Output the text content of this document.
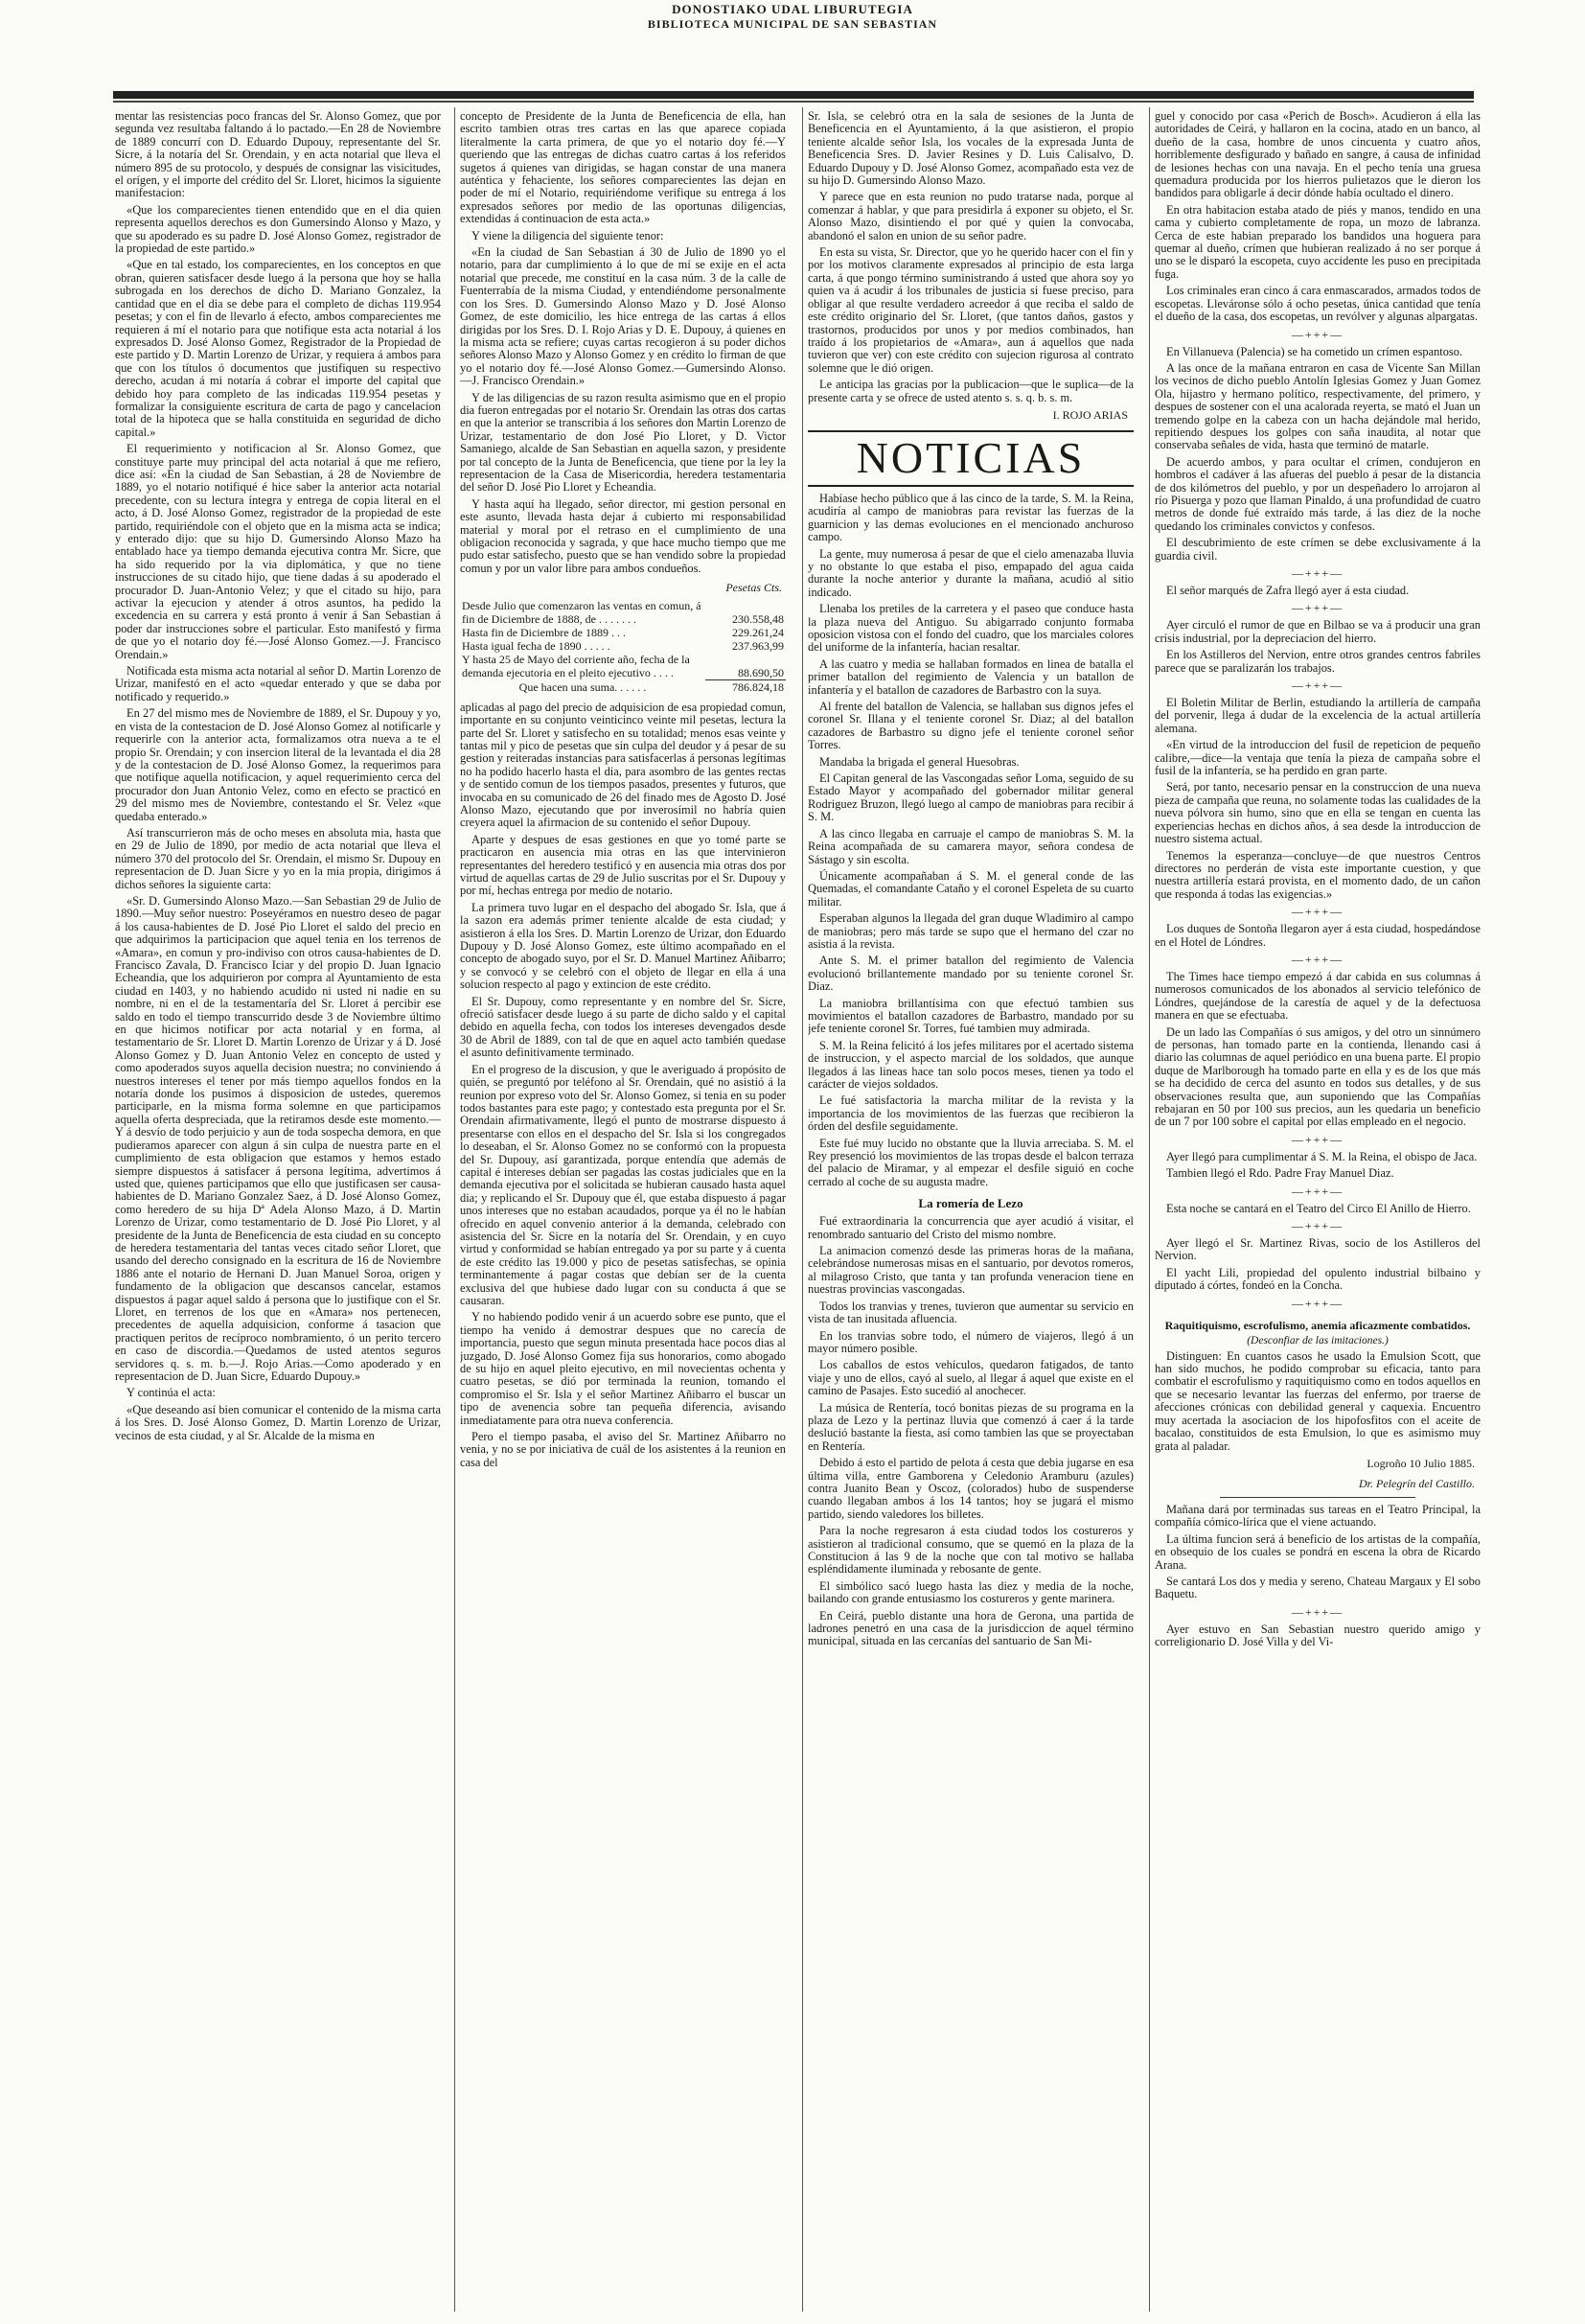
DONOSTIAKO UDAL LIBURUTEGIA
BIBLIOTECA MUNICIPAL DE SAN SEBASTIAN

mentar las resistencias poco francas del Sr. Alonso Gomez, que por segunda vez resultaba faltando á lo pactado.—En 28 de Noviembre de 1889 concurrí con D. Eduardo Dupouy, representante del Sr. Sicre, á la notaría del Sr. Orendain, y en acta notarial que lleva el número 895 de su protocolo, y después de consignar las visicitudes, el orígen, y el importe del crédito del Sr. Lloret, hicimos la siguiente manifestacion:

«Que los comparecientes tienen entendido que en el dia quien representa aquellos derechos es don Gumersindo Alonso y Mazo, y que su apoderado es su padre D. José Alonso Gomez, registrador de la propiedad de este partido.»

«Que en tal estado, los comparecientes, en los conceptos en que obran, quieren satisfacer desde luego á la persona que hoy se halla subrogada en los derechos de dicho D. Mariano Gonzalez, la cantidad que en el dia se debe para el completo de dichas 119.954 pesetas; y con el fin de llevarlo á efecto, ambos comparecientes me requieren á mí el notario para que notifique esta acta notarial á los expresados D. José Alonso Gomez, Registrador de la Propiedad de este partido y D. Martin Lorenzo de Urizar, y requiera á ambos para que con los títulos ó documentos que justifiquen su respectivo derecho, acudan á mi notaría á cobrar el importe del capital que debido hoy para completo de las indicadas 119.954 pesetas y formalizar la consiguiente escritura de carta de pago y cancelacion total de la hipoteca que se halla constituida en seguridad de dicho capital.»

El requerimiento y notificacion al Sr. Alonso Gomez, que constituye parte muy principal del acta notarial á que me refiero, dice así: «En la ciudad de San Sebastian, á 28 de Noviembre de 1889, yo el notario notifiqué é hice saber la anterior acta notarial precedente, con su lectura íntegra y entrega de copia literal en el acto, á D. José Alonso Gomez, registrador de la propiedad de este partido, requiriéndole con el objeto que en la misma acta se indica; y enterado dijo: que su hijo D. Gumersindo Alonso Mazo ha entablado hace ya tiempo demanda ejecutiva contra Mr. Sicre, que ha sido requerido por la via diplomática, y que no tiene instrucciones de su citado hijo, que tiene dadas á su apoderado el procurador D. Juan-Antonio Velez; y que el citado su hijo, para activar la ejecucion y atender á otros asuntos, ha pedido la excedencia en su carrera y está pronto á venir á San Sebastian á poder dar instrucciones sobre el particular. Esto manifestó y firma de que yo el notario doy fé.—José Alonso Gomez.—J. Francisco Orendain.»

Notificada esta misma acta notarial al señor D. Martin Lorenzo de Urizar, manifestó en el acto «quedar enterado y que se daba por notificado y requerido.»

En 27 del mismo mes de Noviembre de 1889, el Sr. Dupouy y yo, en vista de la contestacion de D. José Alonso Gomez al notificarle y requerirle con la anterior acta, formalizamos otra nueva a te el propio Sr. Orendain; y con insercion literal de la levantada el dia 28 y de la contestacion de D. José Alonso Gomez, la requerimos para que notifique aquella notificacion, y aquel requerimiento cerca del procurador don Juan Antonio Velez, como en efecto se practicó en 29 del mismo mes de Noviembre, contestando el Sr. Velez «que quedaba enterado.»

Así transcurrieron más de ocho meses en absoluta mia, hasta que en 29 de Julio de 1890, por medio de acta notarial que lleva el número 370 del protocolo del Sr. Orendain, el mismo Sr. Dupouy en representacion de D. Juan Sicre y yo en la mia propia, dirigimos á dichos señores la siguiente carta:

«Sr. D. Gumersindo Alonso Mazo.—San Sebastian 29 de Julio de 1890.—Muy señor nuestro: Poseyéramos en nuestro deseo de pagar á los causa-habientes de D. José Pio Lloret el saldo del precio en que adquirimos la participacion que aquel tenia en los terrenos de «Amara», en comun y pro-indiviso con otros causa-habientes de D. Francisco Zavala, D. Francisco Iciar y del propio D. Juan Ignacio Echeandia, que los adquirieron por compra al Ayuntamiento de esta ciudad en 1403, y no habiendo acudido ni usted ni nadie en su nombre, ni en el de la testamentaría del Sr. Lloret á percibir ese saldo en todo el tiempo transcurrido desde 3 de Noviembre último en que hicimos notificar por acta notarial y en forma, al testamentario de Sr. Lloret D. Martin Lorenzo de Urizar y á D. José Alonso Gomez y D. Juan Antonio Velez en concepto de usted y como apoderados suyos aquella decision nuestra; no conviniendo á nuestros intereses el tener por más tiempo aquellos fondos en la notaría donde los pusimos á disposicion de ustedes, queremos participarle, en la misma forma solemne en que participamos aquella oferta despreciada, que la retiramos desde este momento.—Y á desvío de todo perjuicio y aun de toda sospecha demora, en que pudieramos aparecer con algun á sin culpa de nuestra parte en el cumplimiento de esta obligacion que estamos y hemos estado siempre dispuestos á satisfacer á persona legítima, advertimos á usted que, quienes participamos que ello que justificasen ser causa-habientes de D. Mariano Gonzalez Saez, á D. José Alonso Gomez, como heredero de su hija Dª Adela Alonso Mazo, á D. Martin Lorenzo de Urizar, como testamentario de D. José Pio Lloret, y al presidente de la Junta de Beneficencia de esta ciudad en su concepto de heredera testamentaria del tantas veces citado señor Lloret, que usando del derecho consignado en la escritura de 16 de Noviembre 1886 ante el notario de Hernani D. Juan Manuel Soroa, origen y fundamento de la obligacion que descansos cancelar, estamos dispuestos á pagar aquel saldo á persona que lo justifique con el Sr. Lloret, en terrenos de los que en «Amara» nos pertenecen, precedentes de aquella adquisicion, conforme á tasacion que practiquen peritos de recíproco nombramiento, ó un perito tercero en caso de discordia.—Quedamos de usted atentos seguros servidores q. s. m. b.—J. Rojo Arias.—Como apoderado y en representacion de D. Juan Sicre, Eduardo Dupouy.»

Y continúa el acta:

«Que deseando así bien comunicar el contenido de la misma carta á los Sres. D. José Alonso Gomez, D. Martin Lorenzo de Urizar, vecinos de esta ciudad, y al Sr. Alcalde de la misma en

concepto de Presidente de la Junta de Beneficencia de ella, han escrito tambien otras tres cartas en las que aparece copiada literalmente la carta primera, de que yo el notario doy fé.—Y queriendo que las entregas de dichas cuatro cartas á los referidos sugetos á quienes van dirigidas, se hagan constar de una manera auténtica y fehaciente, los señores comparecientes las dejan en poder de mí el Notario, requiriéndome verifique su entrega á los expresados señores por medio de las oportunas diligencias, extendidas á continuacion de esta acta.»

Y viene la diligencia del siguiente tenor:

«En la ciudad de San Sebastian á 30 de Julio de 1890 yo el notario, para dar cumplimiento á lo que de mí se exije en el acta notarial que precede, me constituí en la casa núm. 3 de la calle de Fuenterrabía de la misma Ciudad, y entendiéndome personalmente con los Sres. D. Gumersindo Alonso Mazo y D. José Alonso Gomez, de este domicilio, les hice entrega de las cartas á ellos dirigidas por los Sres. D. I. Rojo Arias y D. E. Dupouy, á quienes en la misma acta se refiere; cuyas cartas recogieron á su poder dichos señores Alonso Mazo y Alonso Gomez y en crédito lo firman de que yo el notario doy fé.—José Alonso Gomez.—Gumersindo Alonso.—J. Francisco Orendain.»

Y de las diligencias de su razon resulta asimismo que en el propio dia fueron entregadas por el notario Sr. Orendain las otras dos cartas en que la anterior se transcribia á los señores don Martin Lorenzo de Urizar, testamentario de don José Pio Lloret, y D. Victor Samaniego, alcalde de San Sebastian en aquella sazon, y presidente por tal concepto de la Junta de Beneficencia, que tiene por la ley la representacion de la Casa de Misericordia, heredera testamentaria del señor D. José Pio Lloret y Echeandia.

Y hasta aquí ha llegado, señor director, mi gestion personal en este asunto, llevada hasta dejar á cubierto mi responsabilidad material y moral por el retraso en el cumplimiento de una obligacion reconocida y sagrada, y que hace mucho tiempo que me pudo estar satisfecho, puesto que se han vendido sobre la propiedad comun y por un valor libre para ambos condueños.

Pesetas Cts.
Desde Julio que comenzaron las ventas en comun, á fin de Diciembre de 1888, de . . . . . . .	230.558,48
Hasta fin de Diciembre de 1889 . . .	229.261,24
Hasta igual fecha de 1890 . . . . .	237.963,99
Y hasta 25 de Mayo del corriente año, fecha de la demanda ejecutoria en el pleito ejecutivo . . . .	88.690,50
Que hacen una suma. . . . . .	786.824,18

aplicadas al pago del precio de adquisicion de esa propiedad comun, importante en su conjunto veinticinco veinte mil pesetas, lectura la parte del Sr. Lloret y satisfecho en su totalidad; menos esas veinte y tantas mil y pico de pesetas que sin culpa del deudor y á pesar de su gestion y reiteradas instancias para satisfacerlas á personas legítimas no ha podido hacerlo hasta el dia, para asombro de las gentes rectas y de sentido comun de los tiempos pasados, presentes y futuros, que invocaba en su comunicado de 26 del finado mes de Agosto D. José Alonso Mazo, ejecutando que por inverosímil no habría quien creyera aquel la afirmacion de su contenido el señor Dupouy.

Aparte y despues de esas gestiones en que yo tomé parte se practicaron en ausencia mia otras en las que intervinieron representantes del heredero testificó y en ausencia mia otras dos por virtud de aquellas cartas de 29 de Julio suscritas por el Sr. Dupouy y por mí, hechas entrega por medio de notario.

La primera tuvo lugar en el despacho del abogado Sr. Isla, que á la sazon era además primer teniente alcalde de esta ciudad; y asistieron á ella los Sres. D. Martin Lorenzo de Urizar, don Eduardo Dupouy y D. José Alonso Gomez, este último acompañado en el concepto de abogado suyo, por el Sr. D. Manuel Martinez Añibarro; y se convocó y se celebró con el objeto de llegar en ella á una solucion respecto al pago y extincion de este crédito.

El Sr. Dupouy, como representante y en nombre del Sr. Sicre, ofreció satisfacer desde luego á su parte de dicho saldo y el capital debido en aquella fecha, con todos los intereses devengados desde 30 de Abril de 1889, con tal de que en aquel acto también quedase el asunto definitivamente terminado.

En el progreso de la discusion, y que le averiguado á propósito de quién, se preguntó por teléfono al Sr. Orendain, qué no asistió á la reunion por expreso voto del Sr. Alonso Gomez, si tenia en su poder todos bastantes para este pago; y contestado esta pregunta por el Sr. Orendain afirmativamente, llegó el punto de mostrarse dispuesto á presentarse con ellos en el despacho del Sr. Isla si los congregados lo deseaban, el Sr. Alonso Gomez no se conformó con la propuesta del Sr. Dupouy, así garantizada, porque entendía que además de capital é intereses debían ser pagadas las costas judiciales que en la demanda ejecutiva por el solicitada se hubieran causado hasta aquel dia; y replicando el Sr. Dupouy que él, que estaba dispuesto á pagar unos intereses que no estaban acaudados, porque ya él no le habían ofrecido en aquel convenio anterior á la demanda, celebrado con asistencia del Sr. Sicre en la notaría del Sr. Orendain, y en cuyo virtud y conformidad se habían entregado ya por su parte y á cuenta de este crédito las 19.000 y pico de pesetas satisfechas, se opinia terminantemente á pagar costas que debían ser de la cuenta exclusiva del que hubiese dado lugar con su conducta á que se causaran.

Y no habiendo podido venir á un acuerdo sobre ese punto, que el tiempo ha venido á demostrar despues que no carecía de importancia, puesto que segun minuta presentada hace pocos dias al juzgado, D. José Alonso Gomez fija sus honorarios, como abogado de su hijo en aquel pleito ejecutivo, en mil novecientas ochenta y cuatro pesetas, se dió por terminada la reunion, tomando el compromiso el Sr. Isla y el señor Martinez Añibarro el buscar un tipo de avenencia sobre tan pequeña diferencia, avisando inmediatamente para otra nueva conferencia.

Pero el tiempo pasaba, el aviso del Sr. Martinez Añibarro no venia, y no se por iniciativa de cuál de los asistentes á la reunion en casa del

Sr. Isla, se celebró otra en la sala de sesiones de la Junta de Beneficencia en el Ayuntamiento, á la que asistieron, el propio teniente alcalde señor Isla, los vocales de la expresada Junta de Beneficencia Sres. D. Javier Resines y D. Luis Calisalvo, D. Eduardo Dupouy y D. José Alonso Gomez, acompañado esta vez de su hijo D. Gumersindo Alonso Mazo.

Y parece que en esta reunion no pudo tratarse nada, porque al comenzar á hablar, y que para presidirla á exponer su objeto, el Sr. Alonso Mazo, disintiendo el por qué y quien la convocaba, abandonó el salon en union de su señor padre.

En esta su vista, Sr. Director, que yo he querido hacer con el fin y por los motivos claramente expresados al principio de esta larga carta, á que pongo término suministrando á usted que ahora soy yo quien va á acudir á los tribunales de justicia si fuese preciso, para obligar al que resulte verdadero acreedor á que reciba el saldo de este crédito originario del Sr. Lloret, (que tantos daños, gastos y trastornos, producidos por unos y por medios combinados, han traído á los propietarios de «Amara», aun á aquellos que nada tuvieron que ver) con este crédito con sujecion rigurosa al contrato solemne que le dió origen.

Le anticipa las gracias por la publicacion—que le suplica—de la presente carta y se ofrece de usted atento s. s. q. b. s. m.

I. ROJO ARIAS
NOTICIAS

Habíase hecho público que á las cinco de la tarde, S. M. la Reina, acudiría al campo de maniobras para revistar las fuerzas de la guarnicion y las demas evoluciones en el mencionado anchuroso campo.

La gente, muy numerosa á pesar de que el cielo amenazaba lluvia y no obstante lo que estaba el piso, empapado del agua caida durante la noche anterior y durante la mañana, acudió al sitio indicado.

Llenaba los pretiles de la carretera y el paseo que conduce hasta la plaza nueva del Antiguo. Su abigarrado conjunto formaba oposicion vistosa con el fondo del cuadro, que los marciales colores del uniforme de la infantería, hacian resaltar.

A las cuatro y media se hallaban formados en linea de batalla el primer batallon del regimiento de Valencia y un batallon de infantería y el batallon de cazadores de Barbastro con la suya.

Al frente del batallon de Valencia, se hallaban sus dignos jefes el coronel Sr. Illana y el teniente coronel Sr. Diaz; al del batallon cazadores de Barbastro su digno jefe el teniente coronel señor Torres.

Mandaba la brigada el general Huesobras.

El Capitan general de las Vascongadas señor Loma, seguido de su Estado Mayor y acompañado del gobernador militar general Rodriguez Bruzon, llegó luego al campo de maniobras para recibir á S. M.

A las cinco llegaba en carruaje el campo de maniobras S. M. la Reina acompañada de su camarera mayor, señora condesa de Sástago y sin escolta.

Únicamente acompañaban á S. M. el general conde de las Quemadas, el comandante Cataño y el coronel Espeleta de su cuarto militar.

Esperaban algunos la llegada del gran duque Wladimiro al campo de maniobras; pero más tarde se supo que el hermano del czar no asistia á la revista.

Ante S. M. el primer batallon del regimiento de Valencia evolucionó brillantemente mandado por su teniente coronel Sr. Diaz.

La maniobra brillantísima con que efectuó tambien sus movimientos el batallon cazadores de Barbastro, mandado por su jefe teniente coronel Sr. Torres, fué tambien muy admirada.

S. M. la Reina felicitó á los jefes militares por el acertado sistema de instruccion, y el aspecto marcial de los soldados, que aunque llegados á las lineas hace tan solo pocos meses, tienen ya todo el carácter de viejos soldados.

Le fué satisfactoria la marcha militar de la revista y la importancia de los movimientos de las fuerzas que recibieron la órden del desfile seguidamente.

Este fué muy lucido no obstante que la lluvia arreciaba. S. M. el Rey presenció los movimientos de las tropas desde el balcon terraza del palacio de Miramar, y al empezar el desfile siguió en coche cerrado al coche de su augusta madre.

La romería de Lezo

Fué extraordinaria la concurrencia que ayer acudió á visitar, el renombrado santuario del Cristo del mismo nombre.

La animacion comenzó desde las primeras horas de la mañana, celebrándose numerosas misas en el santuario, por devotos romeros, al milagroso Cristo, que tanta y tan profunda veneracion tiene en nuestras provincias vascongadas.

Todos los tranvias y trenes, tuvieron que aumentar su servicio en vista de tan inusitada afluencia.

En los tranvias sobre todo, el número de viajeros, llegó á un mayor número posible.

Los caballos de estos vehículos, quedaron fatigados, de tanto viaje y uno de ellos, cayó al suelo, al llegar á aquel que existe en el camino de Pasajes. Esto sucedió al anochecer.

La música de Rentería, tocó bonitas piezas de su programa en la plaza de Lezo y la pertinaz lluvia que comenzó á caer á la tarde deslució bastante la fiesta, así como tambien las que se proyectaban en Rentería.

Debido á esto el partido de pelota á cesta que debia jugarse en esa última villa, entre Gamborena y Celedonio Aramburu (azules) contra Juanito Bean y Oscoz, (colorados) hubo de suspenderse cuando llegaban ambos á los 14 tantos; hoy se jugará el mismo partido, siendo valedores los billetes.

Para la noche regresaron á esta ciudad todos los costureros y asistieron al tradicional consumo, que se quemó en la plaza de la Constitucion á las 9 de la noche que con tal motivo se hallaba espléndidamente iluminada y rebosante de gente.

El simbólico sacó luego hasta las diez y media de la noche, bailando con grande entusiasmo los costureros y gente marinera.

En Ceirá, pueblo distante una hora de Gerona, una partida de ladrones penetró en una casa de la jurisdiccion de aquel término municipal, situada en las cercanías del santuario de San Mi-

guel y conocido por casa «Perich de Bosch». Acudieron á ella las autoridades de Ceirá, y hallaron en la cocina, atado en un banco, al dueño de la casa, hombre de unos cincuenta y cuatro años, horriblemente desfigurado y bañado en sangre, á causa de infinidad de lesiones hechas con una navaja. En el pecho tenía una gruesa quemadura producida por los hierros pulietazos que le dieron los bandidos para obligarle á decir dónde había ocultado el dinero.

En otra habitacion estaba atado de piés y manos, tendido en una cama y cubierto completamente de ropa, un mozo de labranza. Cerca de este habian preparado los bandidos una hoguera para quemar al dueño, crímen que hubieran realizado á no ser porque á uno se le disparó la escopeta, cuyo accidente les puso en precipitada fuga.

Los criminales eran cinco á cara enmascarados, armados todos de escopetas. Lleváronse sólo á ocho pesetas, única cantidad que tenía el dueño de la casa, dos escopetas, un revólver y algunas alpargatas.

—+++—

En Villanueva (Palencia) se ha cometido un crímen espantoso.

A las once de la mañana entraron en casa de Vicente San Millan los vecinos de dicho pueblo Antolín Iglesias Gomez y Juan Gomez Ola, hijastro y hermano político, respectivamente, del primero, y despues de sostener con el una acalorada reyerta, se mató el Juan un tremendo golpe en la cabeza con un hacha dejándole mal herido, repitiendo despues los golpes con saña inaudita, al notar que conservaba señales de vida, hasta que terminó de matarle.

De acuerdo ambos, y para ocultar el crímen, condujeron en hombros el cadáver á las afueras del pueblo á pesar de la distancia de dos kilómetros del pueblo, y por un despeñadero lo arrojaron al río Pisuerga y pozo que llaman Pinaldo, á una profundidad de cuatro metros de donde fué extraído más tarde, á las diez de la noche quedando los criminales convictos y confesos.

El descubrimiento de este crímen se debe exclusivamente á la guardia civil.

—+++—

El señor marqués de Zafra llegó ayer á esta ciudad.

—+++—

Ayer circuló el rumor de que en Bilbao se va á producir una gran crísis industrial, por la depreciacion del hierro.

En los Astilleros del Nervion, entre otros grandes centros fabriles parece que se paralizarán los trabajos.

—+++—

El Boletin Militar de Berlin, estudiando la artillería de campaña del porvenir, llega á dudar de la excelencia de la actual artillería alemana.

«En virtud de la introduccion del fusil de repeticion de pequeño calibre,—dice—la ventaja que tenía la pieza de campaña sobre el fusil de la infantería, se ha perdido en gran parte.

Será, por tanto, necesario pensar en la construccion de una nueva pieza de campaña que reuna, no solamente todas las cualidades de la nueva pólvora sin humo, sino que en ella se tengan en cuenta las experiencias hechas en dichos años, á sea desde la introduccion de nuestro sistema actual.

Tenemos la esperanza—concluye—de que nuestros Centros directores no perderán de vista este importante cuestion, y que nuestra artillería estará provista, en el momento dado, de un cañon que responda á todas las exigencias.»

—+++—

Los duques de Sontoña llegaron ayer á esta ciudad, hospedándose en el Hotel de Lóndres.

—+++—

The Times hace tiempo empezó á dar cabida en sus columnas á numerosos comunicados de los abonados al servicio telefónico de Lóndres, quejándose de la carestía de aquel y de la defectuosa manera en que se efectuaba.

De un lado las Compañías ó sus amigos, y del otro un sinnúmero de personas, han tomado parte en la contienda, llenando casi á diario las columnas de aquel periódico en una buena parte. El propio duque de Marlborough ha tomado parte en ella y es de los que más se ha decidido de cerca del asunto en todos sus detalles, y de sus observaciones resulta que, aun suponiendo que las Compañías rebajaran en 50 por 100 sus precios, aun les quedaria un beneficio de un 7 por 100 sobre el capital por ellas empleado en el negocio.

—+++—

Ayer llegó para cumplimentar á S. M. la Reina, el obispo de Jaca.

Tambien llegó el Rdo. Padre Fray Manuel Diaz.

—+++—

Esta noche se cantará en el Teatro del Circo El Anillo de Hierro.

—+++—

Ayer llegó el Sr. Martinez Rivas, socio de los Astilleros del Nervion.

El yacht Lili, propiedad del opulento industrial bilbaino y diputado á córtes, fondeó en la Concha.

—+++—
Raquitiquismo, escrofulismo, anemia aficazmente combatidos.
(Desconfiar de las imitaciones.)

Distinguen: En cuantos casos he usado la Emulsion Scott, que han sido muchos, he podido comprobar su eficacia, tanto para combatir el escrofulismo y raquitiquismo como en todos aquellos en que se necesario levantar las fuerzas del enfermo, por traerse de afecciones crónicas con debilidad general y caquexia. Encuentro muy acertada la asociacion de los hipofosfitos con el aceite de bacalao, constituidos de esta Emulsion, lo que es asimismo muy grata al paladar.

Logroño 10 Julio 1885.
Dr. Pelegrín del Castillo.

Mañana dará por terminadas sus tareas en el Teatro Principal, la compañía cómico-lírica que el viene actuando.

La última funcion será á beneficio de los artistas de la compañía, en obsequio de los cuales se pondrá en escena la obra de Ricardo Arana.

Se cantará Los dos y media y sereno, Chateau Margaux y El sobo Baquetu.

—+++—

Ayer estuvo en San Sebastian nuestro querido amigo y correligionario D. José Villa y del Vi-
